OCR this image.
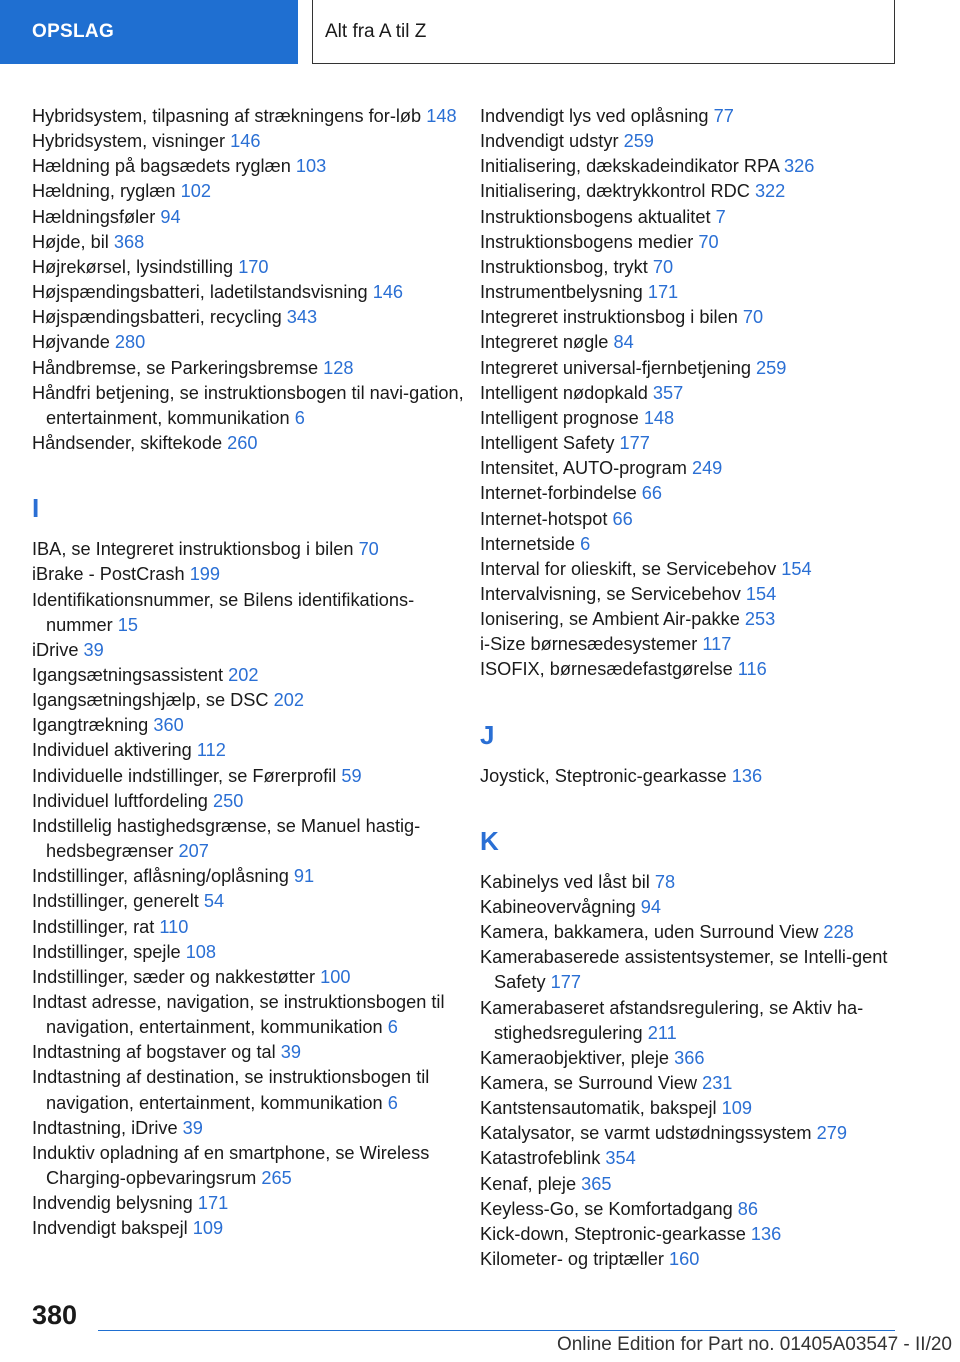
OPSLAG	Alt fra A til Z
Hybridsystem, tilpasning af strækningens for-løb 148
Hybridsystem, visninger 146
Hældning på bagsædets ryglæn 103
Hældning, ryglæn 102
Hældningsføler 94
Højde, bil 368
Højrekørsel, lysindstilling 170
Højspændingsbatteri, ladetilstandsvisning 146
Højspændingsbatteri, recycling 343
Højvande 280
Håndbremse, se Parkeringsbremse 128
Håndfri betjening, se instruktionsbogen til navi-gation, entertainment, kommunikation 6
Håndsender, skiftekode 260
I
IBA, se Integreret instruktionsbog i bilen 70
iBrake - PostCrash 199
Identifikationsnummer, se Bilens identifikations-nummer 15
iDrive 39
Igangsætningsassistent 202
Igangsætningshjælp, se DSC 202
Igangtrækning 360
Individuel aktivering 112
Individuelle indstillinger, se Førerprofil 59
Individuel luftfordeling 250
Indstillelig hastighedsgrænse, se Manuel hastig-hedsbegrænser 207
Indstillinger, aflåsning/oplåsning 91
Indstillinger, generelt 54
Indstillinger, rat 110
Indstillinger, spejle 108
Indstillinger, sæder og nakkestøtter 100
Indtast adresse, navigation, se instruktionsbogen til navigation, entertainment, kommunikation 6
Indtastning af bogstaver og tal 39
Indtastning af destination, se instruktionsbogen til navigation, entertainment, kommunikation 6
Indtastning, iDrive 39
Induktiv opladning af en smartphone, se Wireless Charging-opbevaringsrum 265
Indvendig belysning 171
Indvendigt bakspejl 109
Indvendigt lys ved oplåsning 77
Indvendigt udstyr 259
Initialisering, dækskadeindikator RPA 326
Initialisering, dæktrykkontrol RDC 322
Instruktionsbogens aktualitet 7
Instruktionsbogens medier 70
Instruktionsbog, trykt 70
Instrumentbelysning 171
Integreret instruktionsbog i bilen 70
Integreret nøgle 84
Integreret universal-fjernbetjening 259
Intelligent nødopkald 357
Intelligent prognose 148
Intelligent Safety 177
Intensitet, AUTO-program 249
Internet-forbindelse 66
Internet-hotspot 66
Internetside 6
Interval for olieskift, se Servicebehov 154
Intervalvisning, se Servicebehov 154
Ionisering, se Ambient Air-pakke 253
i-Size børnesædesystemer 117
ISOFIX, børnesædefastgørelse 116
J
Joystick, Steptronic-gearkasse 136
K
Kabinelys ved låst bil 78
Kabineovervågning 94
Kamera, bakkamera, uden Surround View 228
Kamerabaserede assistentsystemer, se Intelli-gent Safety 177
Kamerabaseret afstandsregulering, se Aktiv ha-stighedsregulering 211
Kameraobjektiver, pleje 366
Kamera, se Surround View 231
Kantstensautomatik, bakspejl 109
Katalysator, se varmt udstødningssystem 279
Katastrofeblink 354
Kenaf, pleje 365
Keyless-Go, se Komfortadgang 86
Kick-down, Steptronic-gearkasse 136
Kilometer- og triptæller 160
380
Online Edition for Part no. 01405A03547 - II/20
